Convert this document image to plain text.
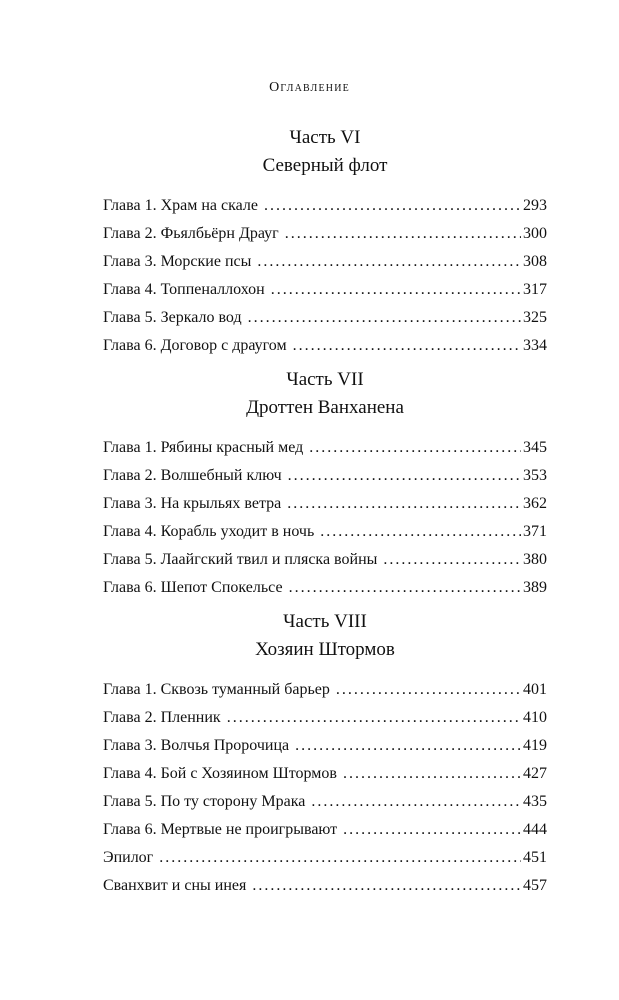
Оглавление
Часть VI
Северный флот
Глава 1. Храм на скале .....	293
Глава 2. Фьялбьёрн Драуг .....	300
Глава 3. Морские псы .....	308
Глава 4. Топпеналлохон .....	317
Глава 5. Зеркало вод .....	325
Глава 6. Договор с драугом .....	334
Часть VII
Дроттен Ванханена
Глава 1. Рябины красный мед .....	345
Глава 2. Волшебный ключ .....	353
Глава 3. На крыльях ветра .....	362
Глава 4. Корабль уходит в ночь .....	371
Глава 5. Лаайгский твил и пляска войны .....	380
Глава 6. Шепот Спокельсе .....	389
Часть VIII
Хозяин Штормов
Глава 1. Сквозь туманный барьер .....	401
Глава 2. Пленник .....	410
Глава 3. Волчья Пророчица .....	419
Глава 4. Бой с Хозяином Штормов .....	427
Глава 5. По ту сторону Мрака .....	435
Глава 6. Мертвые не проигрывают .....	444
Эпилог .....	451
Сванхвит и сны инея .....	457
